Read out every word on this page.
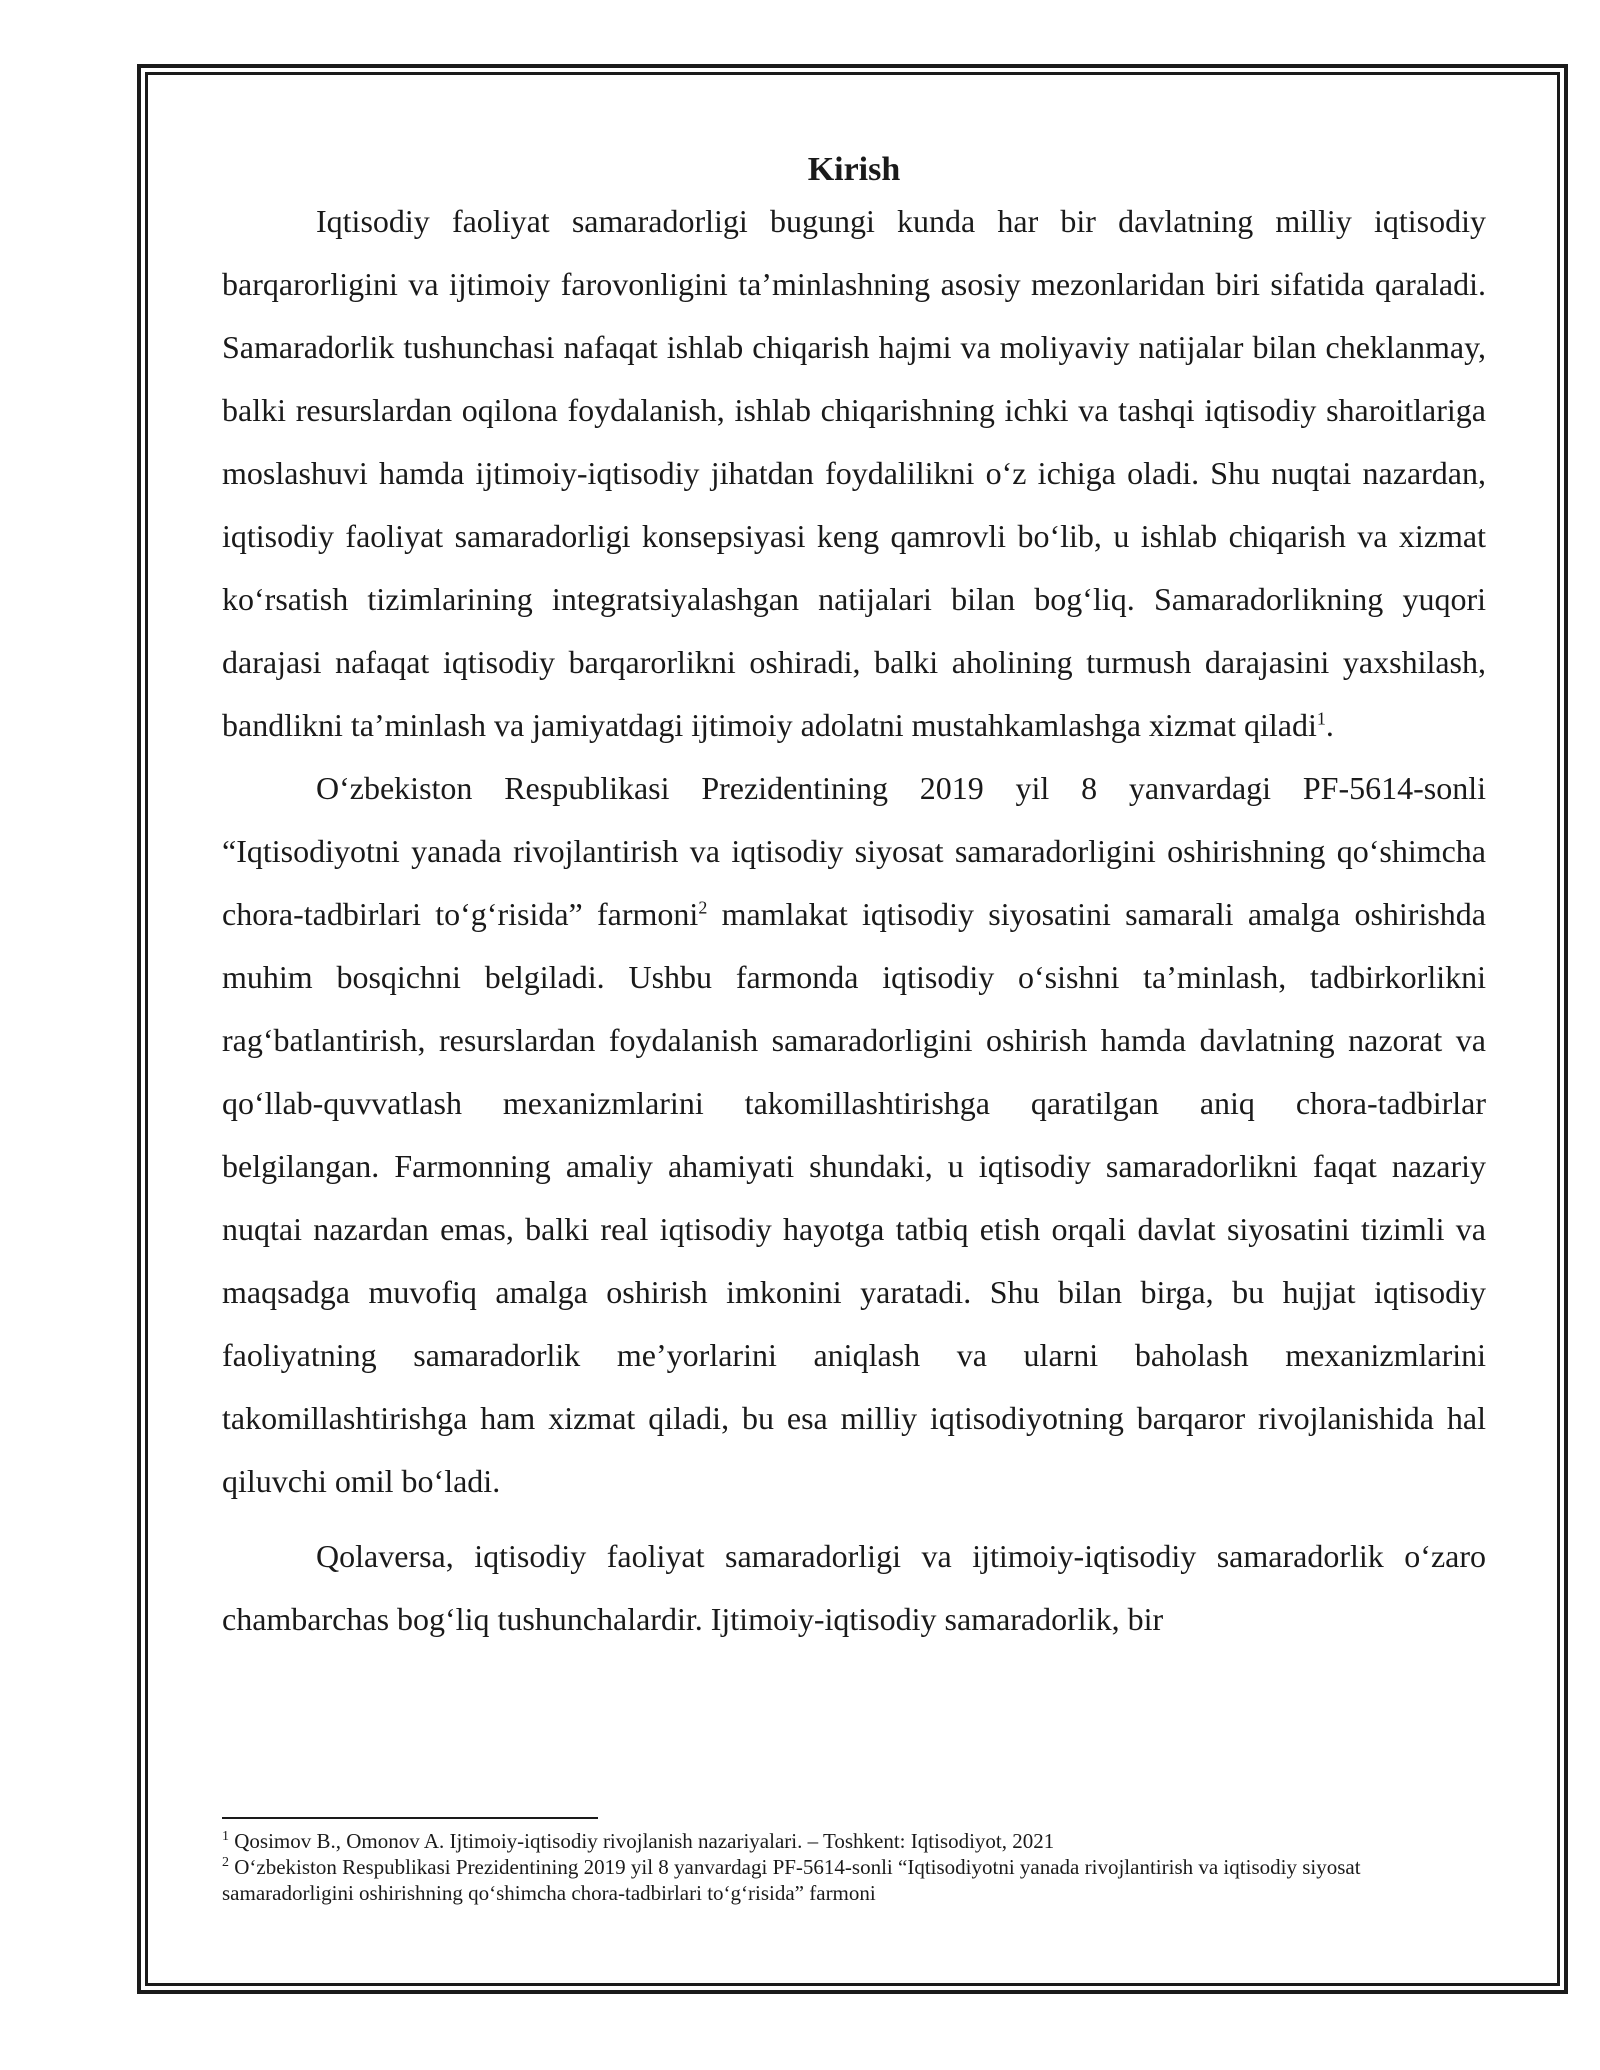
Kirish

Iqtisodiy faoliyat samaradorligi bugungi kunda har bir davlatning milliy iqtisodiy barqarorligini va ijtimoiy farovonligini ta’minlashning asosiy mezonlaridan biri sifatida qaraladi. Samaradorlik tushunchasi nafaqat ishlab chiqarish hajmi va moliyaviy natijalar bilan cheklanmay, balki resurslardan oqilona foydalanish, ishlab chiqarishning ichki va tashqi iqtisodiy sharoitlariga moslashuvi hamda ijtimoiy-iqtisodiy jihatdan foydalilikni oʻz ichiga oladi. Shu nuqtai nazardan, iqtisodiy faoliyat samaradorligi konsepsiyasi keng qamrovli boʻlib, u ishlab chiqarish va xizmat koʻrsatish tizimlarining integratsiyalashgan natijalari bilan bogʻliq. Samaradorlikning yuqori darajasi nafaqat iqtisodiy barqarorlikni oshiradi, balki aholining turmush darajasini yaxshilash, bandlikni ta’minlash va jamiyatdagi ijtimoiy adolatni mustahkamlashga xizmat qiladi$^1$.

Oʻzbekiston Respublikasi Prezidentining 2019 yil 8 yanvardagi PF-5614-sonli “Iqtisodiyotni yanada rivojlantirish va iqtisodiy siyosat samaradorligini oshirishning qoʻshimcha chora-tadbirlari toʻgʻrisida” farmoni$^2$ mamlakat iqtisodiy siyosatini samarali amalga oshirishda muhim bosqichni belgiladi. Ushbu farmonda iqtisodiy oʻsishni ta’minlash, tadbirkorlikni ragʻbatlantirish, resurslardan foydalanish samaradorligini oshirish hamda davlatning nazorat va qoʻllab-quvvatlash mexanizmlarini takomillashtirishga qaratilgan aniq chora-tadbirlar belgilangan. Farmonning amaliy ahamiyati shundaki, u iqtisodiy samaradorlikni faqat nazariy nuqtai nazardan emas, balki real iqtisodiy hayotga tatbiq etish orqali davlat siyosatini tizimli va maqsadga muvofiq amalga oshirish imkonini yaratadi. Shu bilan birga, bu hujjat iqtisodiy faoliyatning samaradorlik me’yorlarini aniqlash va ularni baholash mexanizmlarini takomillashtirishga ham xizmat qiladi, bu esa milliy iqtisodiyotning barqaror rivojlanishida hal qiluvchi omil boʻladi.

Qolaversa, iqtisodiy faoliyat samaradorligi va ijtimoiy-iqtisodiy samaradorlik oʻzaro chambarchas bogʻliq tushunchalardir. Ijtimoiy-iqtisodiy samaradorlik, bir

$^1$ Qosimov B., Omonov A. Ijtimoiy-iqtisodiy rivojlanish nazariyalari. – Toshkent: Iqtisodiyot, 2021

$^2$ Oʻzbekiston Respublikasi Prezidentining 2019 yil 8 yanvardagi PF-5614-sonli “Iqtisodiyotni yanada rivojlantirish va iqtisodiy siyosat samaradorligini oshirishning qoʻshimcha chora-tadbirlari toʻgʻrisida” farmoni
